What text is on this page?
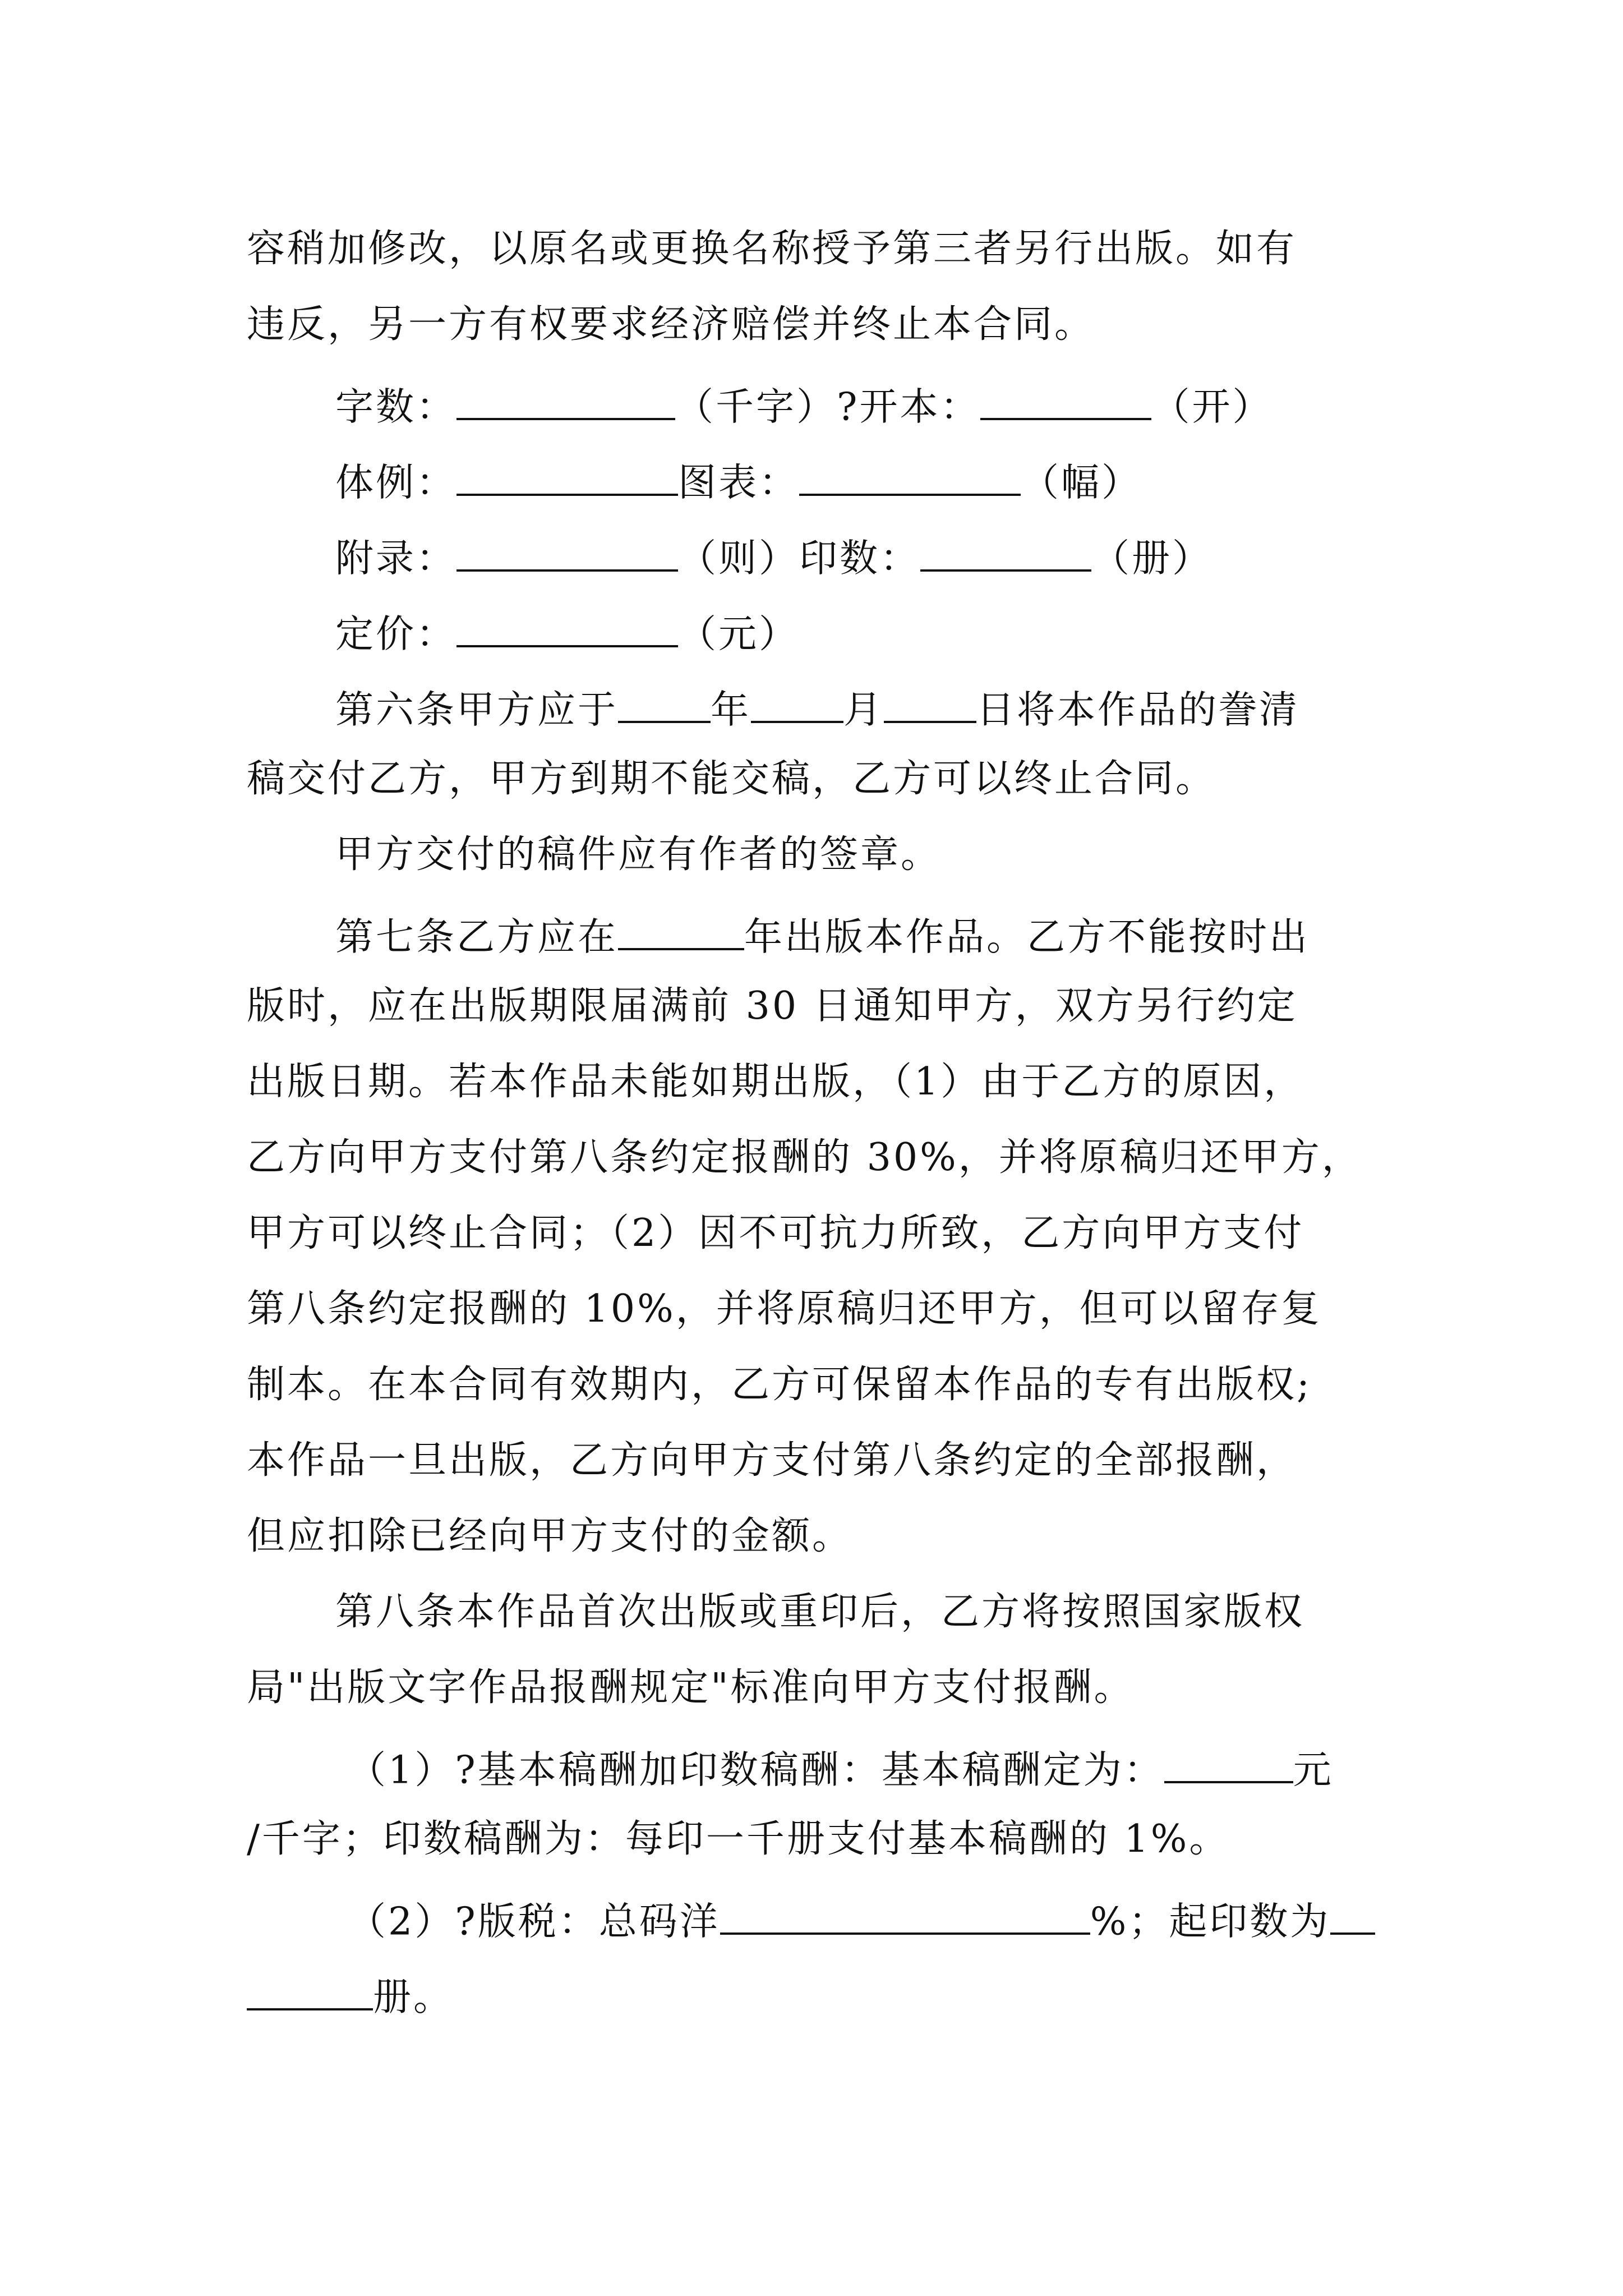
容稍加修改，以原名或更换名称授予第三者另行出版。如有
违反，另一方有权要求经济赔偿并终止本合同。
字数：	（千字）?开本：	（开）
体例：	图表：	（幅）
附录：	（则）印数：	（册）
定价：	（元）
第六条甲方应于 年 月 日将本作品的誊清
稿交付乙方，甲方到期不能交稿，乙方可以终止合同。
甲方交付的稿件应有作者的签章。
第七条乙方应在	年出版本作品。乙方不能按时出
版时，应在出版期限届满前 30 日通知甲方，双方另行约定
出版日期。若本作品未能如期出版，（1）由于乙方的原因，
乙方向甲方支付第八条约定报酬的 30%，并将原稿归还甲方，
甲方可以终止合同；（2）因不可抗力所致，乙方向甲方支付
第八条约定报酬的 10%，并将原稿归还甲方，但可以留存复
制本。在本合同有效期内，乙方可保留本作品的专有出版权;
本作品一旦出版，乙方向甲方支付第八条约定的全部报酬，
但应扣除已经向甲方支付的金额。
第八条本作品首次出版或重印后，乙方将按照国家版权
局"出版文字作品报酬规定"标准向甲方支付报酬。
（1）?基本稿酬加印数稿酬：基本稿酬定为：	元
/千字；印数稿酬为：每印一千册支付基本稿酬的 1%。
（2）?版税：总码洋	%；起印数为
册。
